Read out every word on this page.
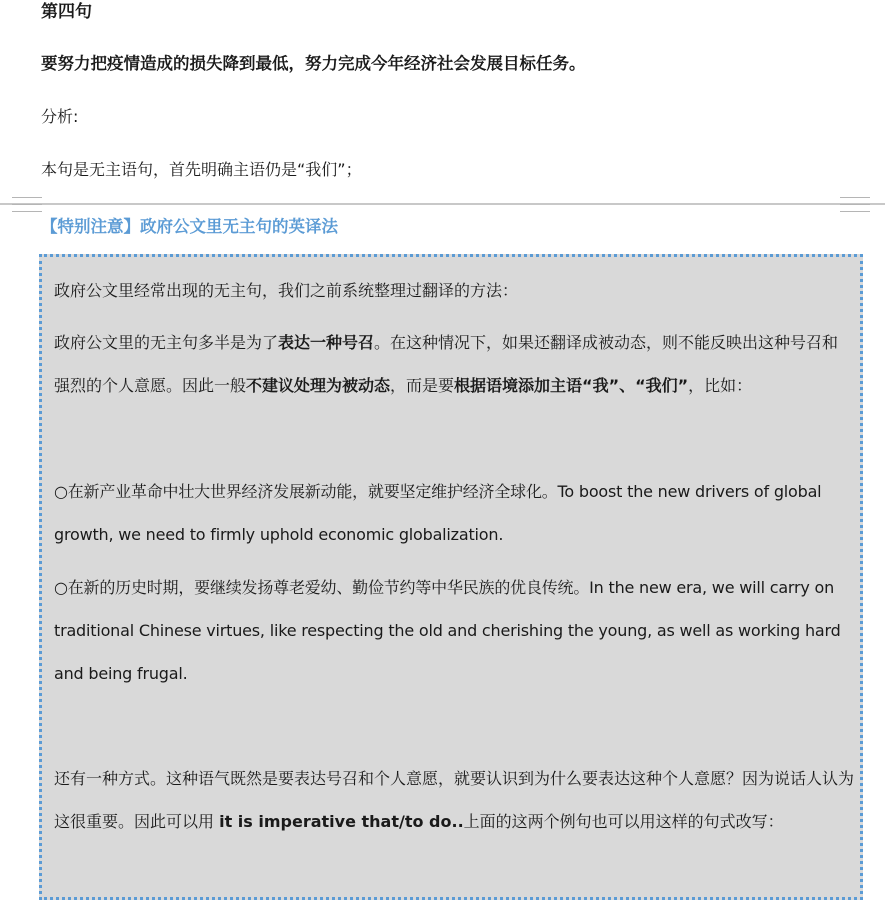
第四句

要努力把疫情造成的损失降到最低，努力完成今年经济社会发展目标任务。

分析:

本句是无主语句，首先明确主语仍是“我们”；

【特别注意】政府公文里无主句的英译法

政府公文里经常出现的无主句，我们之前系统整理过翻译的方法：

政府公文里的无主句多半是为了表达一种号召。在这种情况下，如果还翻译成被动态，则不能反映出这种号召和强烈的个人意愿。因此一般不建议处理为被动态，而是要根据语境添加主语“我”、“我们”，比如：

○在新产业革命中壮大世界经济发展新动能，就要坚定维护经济全球化。To boost the new drivers of global growth, we need to firmly uphold economic globalization.

○在新的历史时期，要继续发扬尊老爱幼、勤俭节约等中华民族的优良传统。In the new era, we will carry on traditional Chinese virtues, like respecting the old and cherishing the young, as well as working hard and being frugal.

还有一种方式。这种语气既然是要表达号召和个人意愿，就要认识到为什么要表达这种个人意愿？因为说话人认为这很重要。因此可以用 it is imperative that/to do..上面的这两个例句也可以用这样的句式改写：
